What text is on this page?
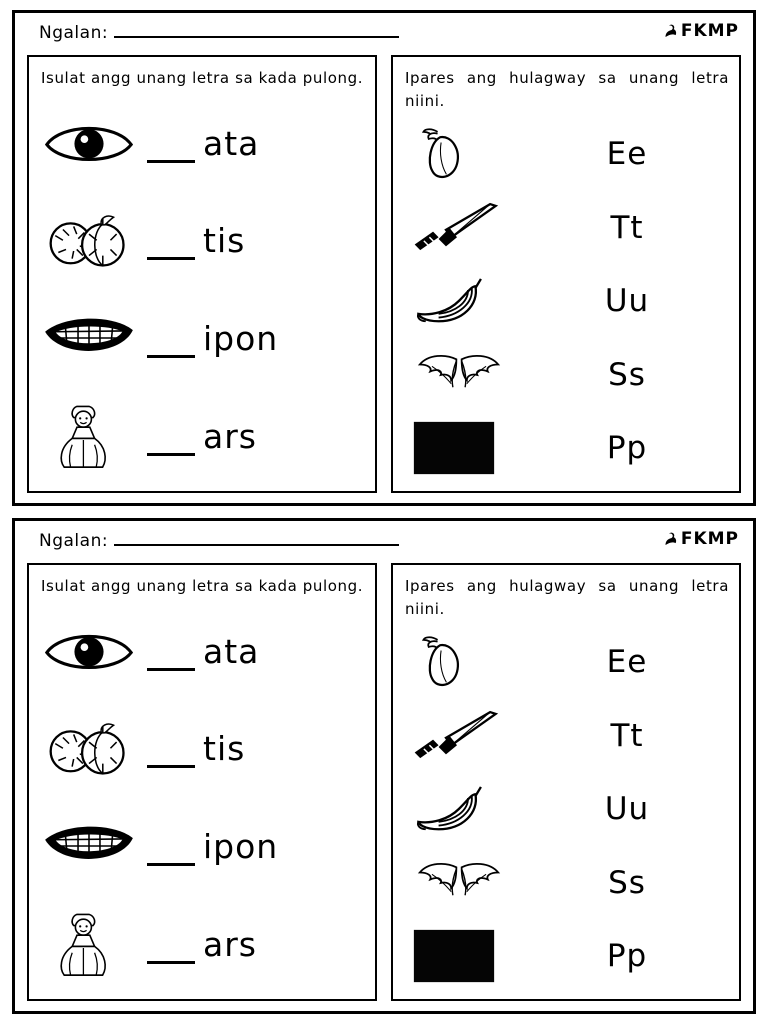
Ngalan:	FKMP
Isulat angg unang letra sa kada pulong.
ata
tis
ipon
ars
Ipares ang hulagway sa unang letra niini.
Ee
Tt
Uu
Ss
Pp
Ngalan:	FKMP
Isulat angg unang letra sa kada pulong.
ata
tis
ipon
ars
Ipares ang hulagway sa unang letra niini.
Ee
Tt
Uu
Ss
Pp
